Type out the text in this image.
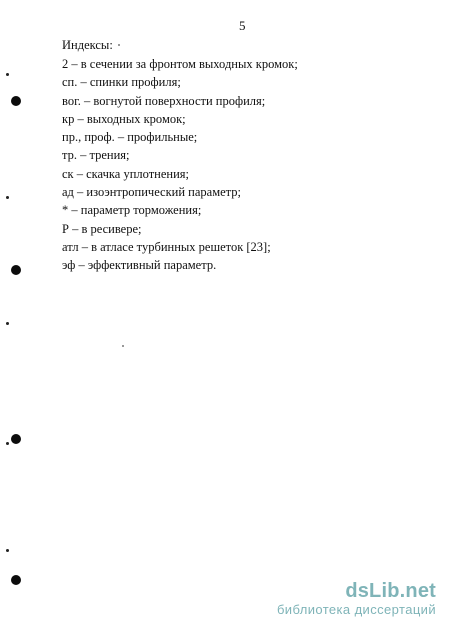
5
Индексы:
2 – в сечении за фронтом выходных кромок;
сп. – спинки профиля;
вог. – вогнутой поверхности профиля;
кр – выходных кромок;
пр., проф. – профильные;
тр. – трения;
ск – скачка уплотнения;
ад – изоэнтропический параметр;
* – параметр торможения;
Р – в ресивере;
атл – в атласе турбинных решеток [23];
эф – эффективный параметр.
dsLib.net
библиотека диссертаций
